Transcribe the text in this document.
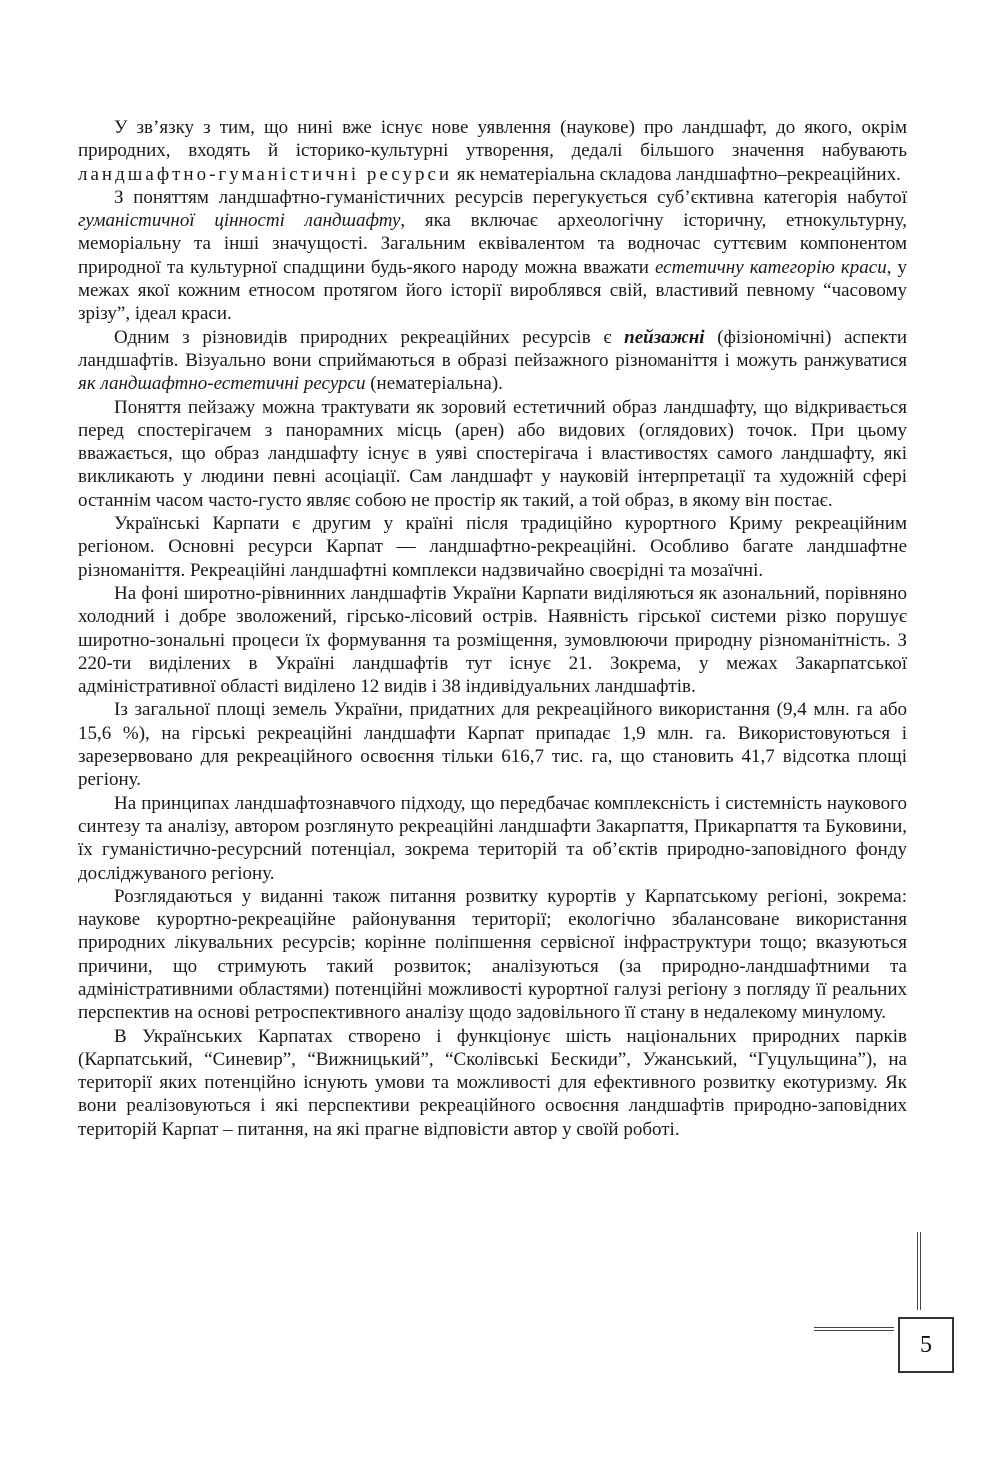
У зв’язку з тим, що нині вже існує нове уявлення (наукове) про ландшафт, до якого, окрім природних, входять й історико-культурні утворення, дедалі більшого значення набувають ландшафтно-гуманістичні ресурси як нематеріальна складова ландшафтно–рекреаційних.

З поняттям ландшафтно-гуманістичних ресурсів перегукується суб’єктивна категорія набутої гуманістичної цінності ландшафту, яка включає археологічну історичну, етнокультурну, меморіальну та інші значущості. Загальним еквівалентом та водночас суттєвим компонентом природної та культурної спадщини будь-якого народу можна вважати естетичну категорію краси, у межах якої кожним етносом протягом його історії вироблявся свій, властивий певному “часовому зрізу”, ідеал краси.

Одним з різновидів природних рекреаційних ресурсів є пейзажні (фізіономічні) аспекти ландшафтів. Візуально вони сприймаються в образі пейзажного різноманіття і можуть ранжуватися як ландшафтно-естетичні ресурси (нематеріальна).

Поняття пейзажу можна трактувати як зоровий естетичний образ ландшафту, що відкривається перед спостерігачем з панорамних місць (арен) або видових (оглядових) точок. При цьому вважається, що образ ландшафту існує в уяві спостерігача і властивостях самого ландшафту, які викликають у людини певні асоціації. Сам ландшафт у науковій інтерпретації та художній сфері останнім часом часто-густо являє собою не простір як такий, а той образ, в якому він постає.

Українські Карпати є другим у країні після традиційно курортного Криму рекреаційним регіоном. Основні ресурси Карпат — ландшафтно-рекреаційні. Особливо багате ландшафтне різноманіття. Рекреаційні ландшафтні комплекси надзвичайно своєрідні та мозаїчні.

На фоні широтно-рівнинних ландшафтів України Карпати виділяються як азональний, порівняно холодний і добре зволожений, гірсько-лісовий острів. Наявність гірської системи різко порушує широтно-зональні процеси їх формування та розміщення, зумовлюючи природну різноманітність. З 220-ти виділених в Україні ландшафтів тут існує 21. Зокрема, у межах Закарпатської адміністративної області виділено 12 видів і 38 індивідуальних ландшафтів.

Із загальної площі земель України, придатних для рекреаційного використання (9,4 млн. га або 15,6 %), на гірські рекреаційні ландшафти Карпат припадає 1,9 млн. га. Використовуються і зарезервовано для рекреаційного освоєння тільки 616,7 тис. га, що становить 41,7 відсотка площі регіону.

На принципах ландшафтознавчого підходу, що передбачає комплексність і системність наукового синтезу та аналізу, автором розглянуто рекреаційні ландшафти Закарпаття, Прикарпаття та Буковини, їх гуманістично-ресурсний потенціал, зокрема територій та об’єктів природно-заповідного фонду досліджуваного регіону.

Розглядаються у виданні також питання розвитку курортів у Карпатському регіоні, зокрема: наукове курортно-рекреаційне районування території; екологічно збалансоване використання природних лікувальних ресурсів; корінне поліпшення сервісної інфраструктури тощо; вказуються причини, що стримують такий розвиток; аналізуються (за природно-ландшафтними та адміністративними областями) потенційні можливості курортної галузі регіону з погляду її реальних перспектив на основі ретроспективного аналізу щодо задовільного її стану в недалекому минулому.

В Українських Карпатах створено і функціонує шість національних природних парків (Карпатський, “Синевир”, “Вижницький”, “Сколівські Бескиди”, Ужанський, “Гуцульщина”), на території яких потенційно існують умови та можливості для ефективного розвитку екотуризму. Як вони реалізовуються і які перспективи рекреаційного освоєння ландшафтів природно-заповідних територій Карпат – питання, на які прагне відповісти автор у своїй роботі.

5
